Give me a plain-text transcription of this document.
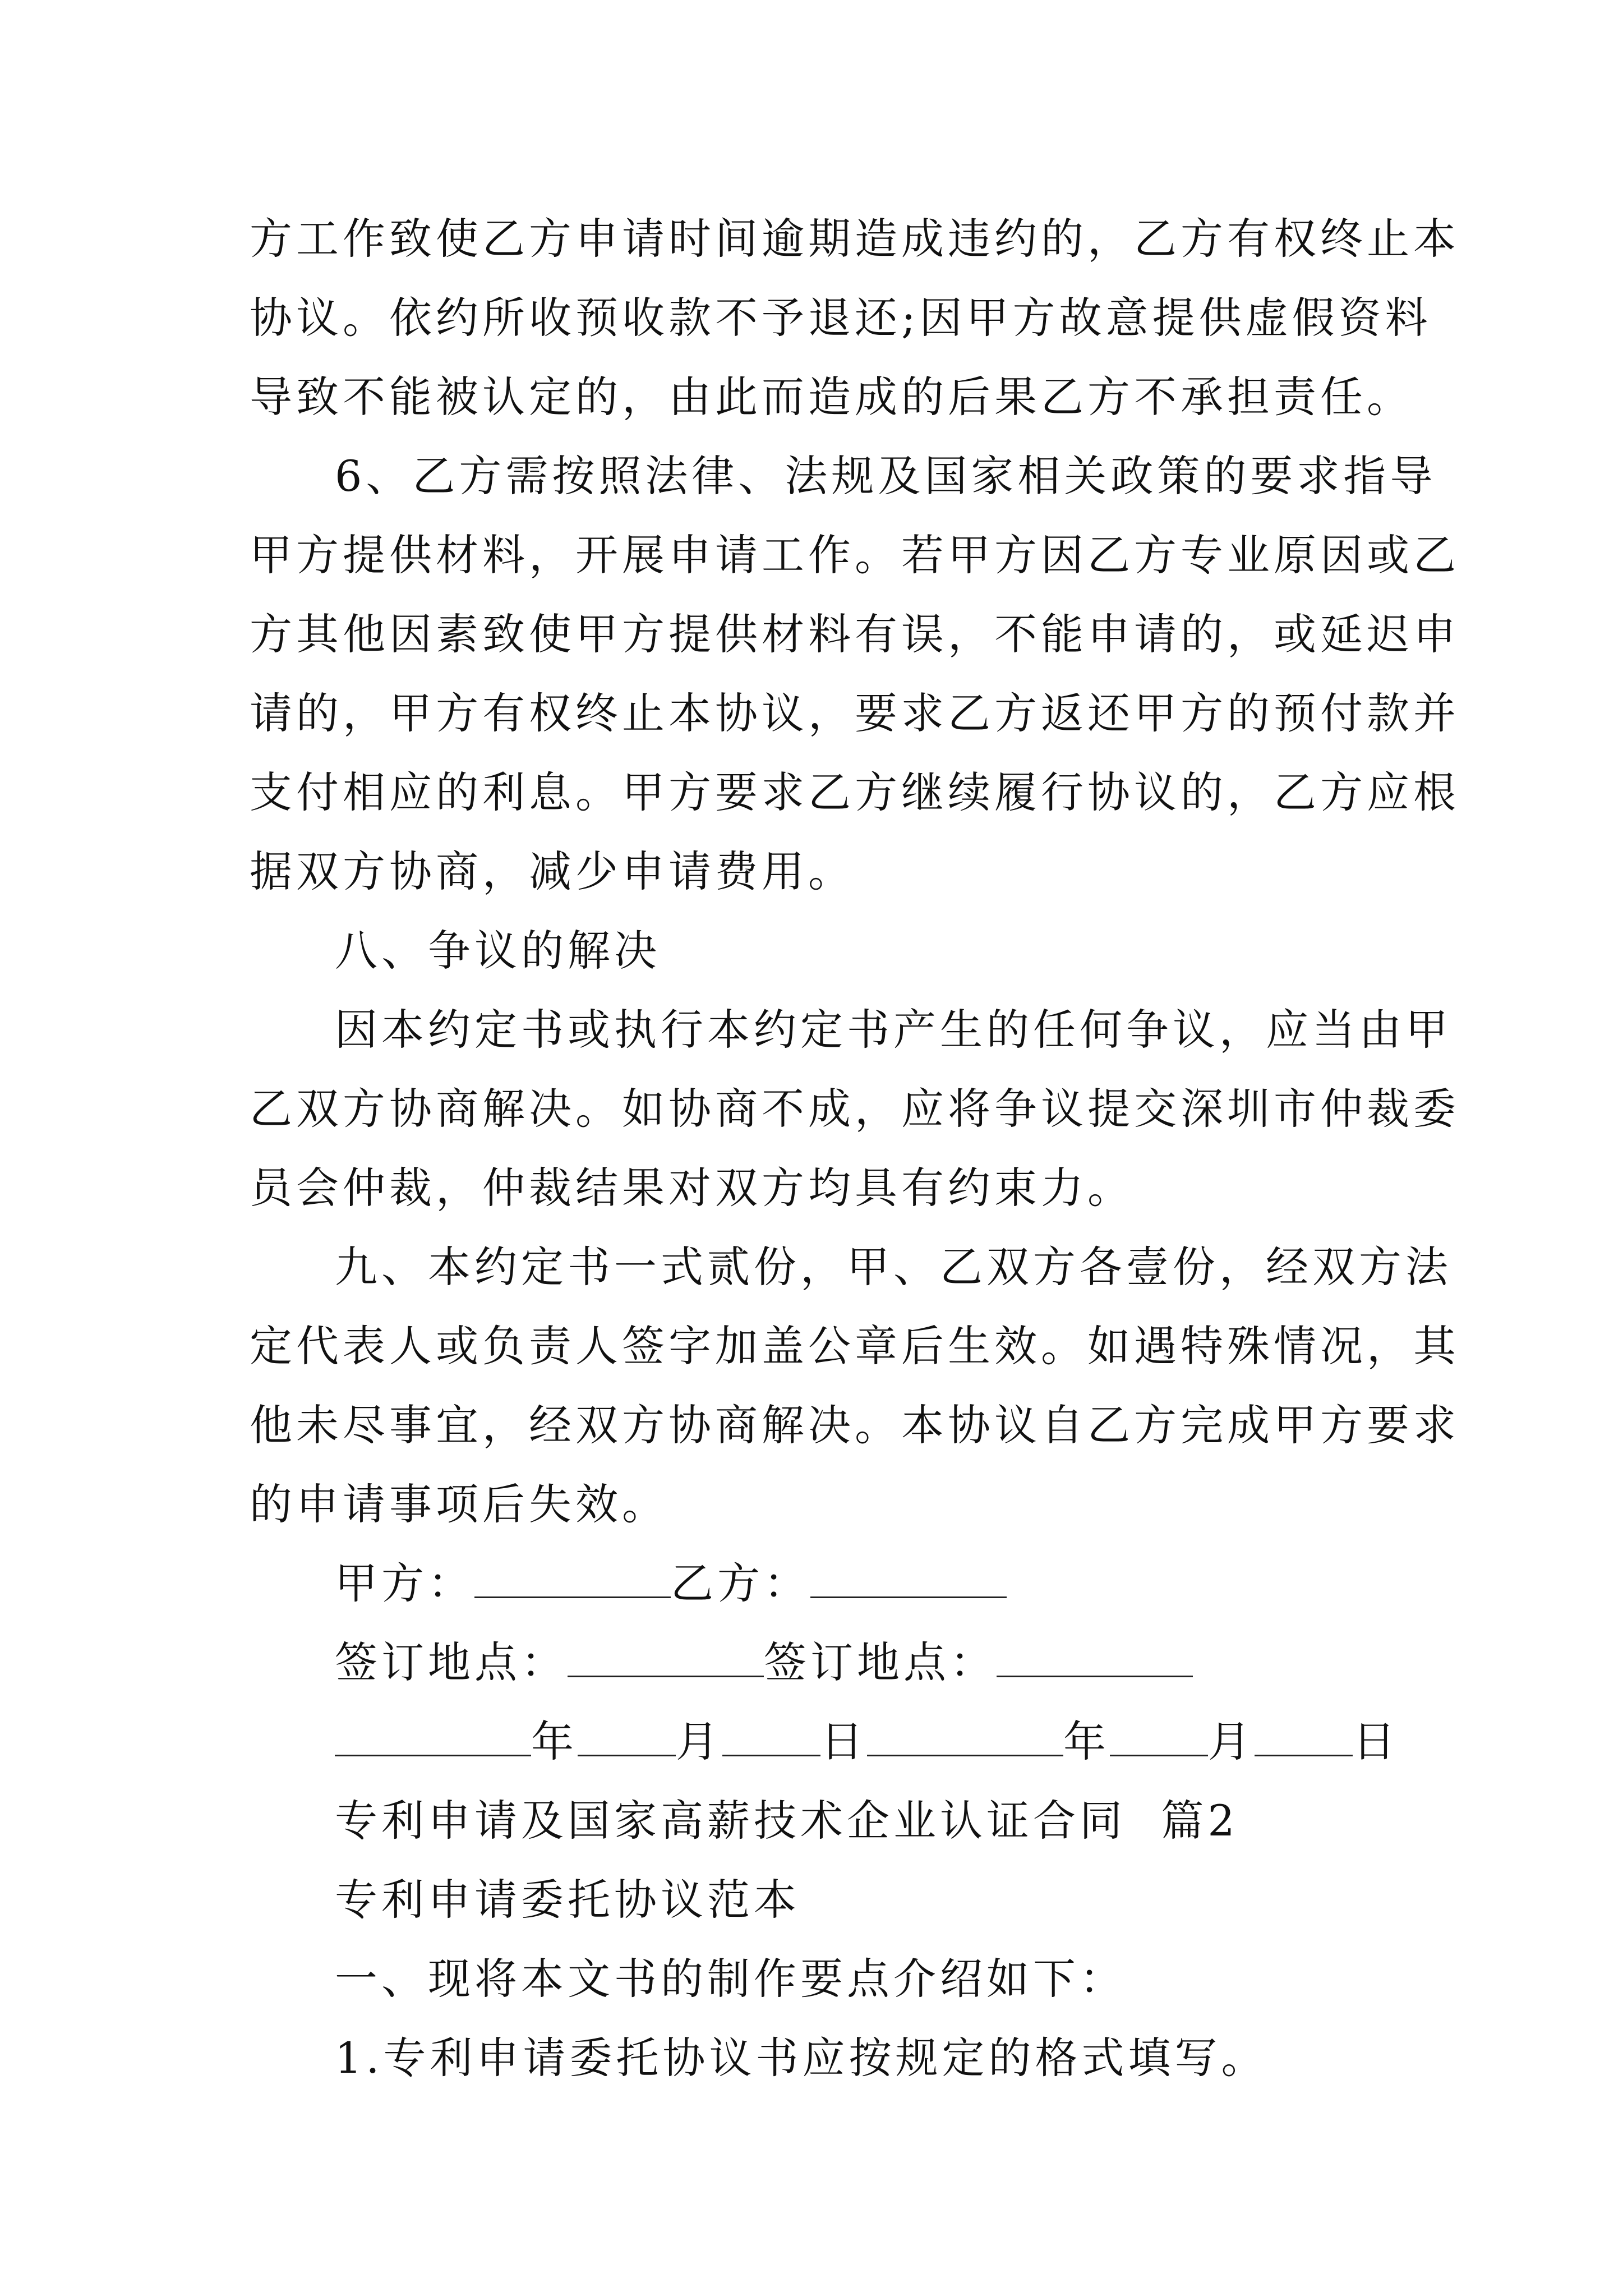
方工作致使乙方申请时间逾期造成违约的，乙方有权终止本
协议。依约所收预收款不予退还;因甲方故意提供虚假资料
导致不能被认定的，由此而造成的后果乙方不承担责任。
6、乙方需按照法律、法规及国家相关政策的要求指导
甲方提供材料，开展申请工作。若甲方因乙方专业原因或乙
方其他因素致使甲方提供材料有误，不能申请的，或延迟申
请的，甲方有权终止本协议，要求乙方返还甲方的预付款并
支付相应的利息。甲方要求乙方继续履行协议的，乙方应根
据双方协商，减少申请费用。
八、争议的解决
因本约定书或执行本约定书产生的任何争议，应当由甲
乙双方协商解决。如协商不成，应将争议提交深圳市仲裁委
员会仲裁，仲裁结果对双方均具有约束力。
九、本约定书一式贰份，甲、乙双方各壹份，经双方法
定代表人或负责人签字加盖公章后生效。如遇特殊情况，其
他未尽事宜，经双方协商解决。本协议自乙方完成甲方要求
的申请事项后失效。
甲方：	乙方：
签订地点：	签订地点：
年 月 日	年 月 日
专利申请及国家高薪技术企业认证合同  篇2
专利申请委托协议范本
一、现将本文书的制作要点介绍如下：
1.专利申请委托协议书应按规定的格式填写。
